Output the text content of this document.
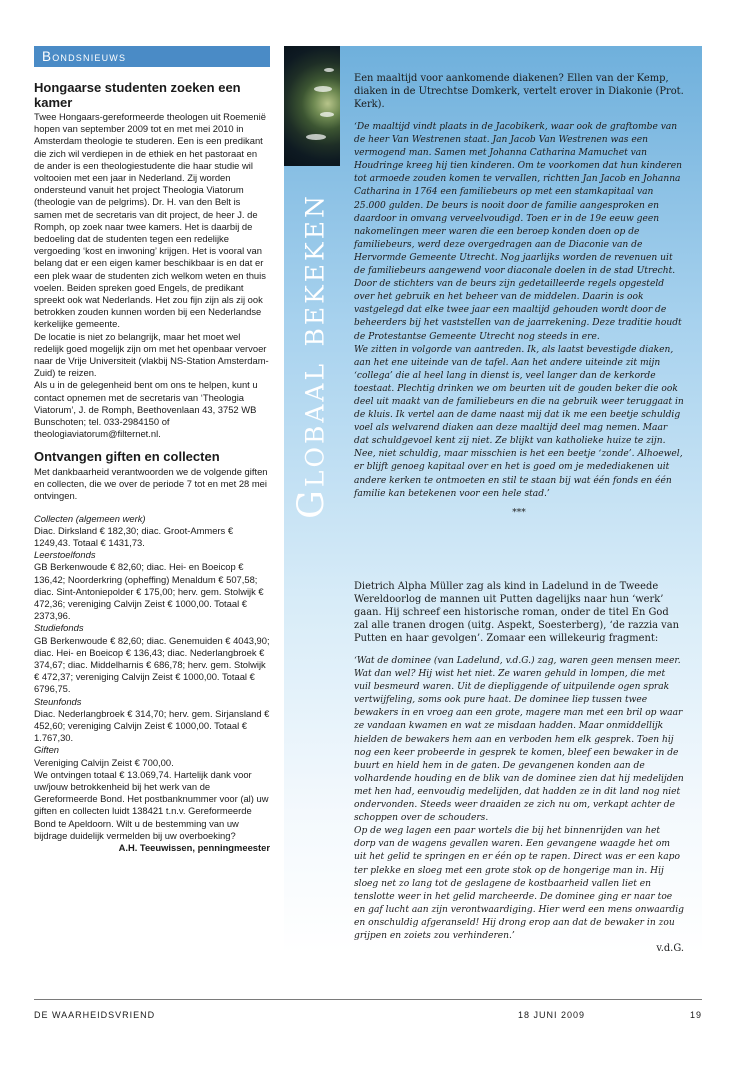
Bondsnieuws
Hongaarse studenten zoeken een kamer

Twee Hongaars-gereformeerde theologen uit Roemenië hopen van september 2009 tot en met mei 2010 in Amsterdam theologie te studeren. Een is een predikant die zich wil verdiepen in de ethiek en het pastoraat en de ander is een theologiestudente die haar studie wil voltooien met een jaar in Nederland. Zij worden ondersteund vanuit het project Theologia Viatorum (theologie van de pelgrims). Dr. H. van den Belt is samen met de secretaris van dit project, de heer J. de Romph, op zoek naar twee kamers. Het is daarbij de bedoeling dat de studenten tegen een redelijke vergoeding ‘kost en inwoning’ krijgen. Het is vooral van belang dat er een eigen kamer beschikbaar is en dat er een plek waar de studenten zich welkom weten en thuis voelen. Beiden spreken goed Engels, de predikant spreekt ook wat Nederlands. Het zou fijn zijn als zij ook betrokken zouden kunnen worden bij een Nederlandse kerkelijke gemeente.

De locatie is niet zo belangrijk, maar het moet wel redelijk goed mogelijk zijn om met het openbaar vervoer naar de Vrije Universiteit (vlakbij NS-Station Amsterdam-Zuid) te reizen.

Als u in de gelegenheid bent om ons te helpen, kunt u contact opnemen met de secretaris van ‘Theologia Viatorum’, J. de Romph, Beethovenlaan 43, 3752 WB Bunschoten; tel. 033-2984150 of theologiaviatorum@filternet.nl.

Ontvangen giften en collecten

Met dankbaarheid verantwoorden we de volgende giften en collecten, die we over de periode 7 tot en met 28 mei ontvingen.

Collecten (algemeen werk)

Diac. Dirksland € 182,30; diac. Groot-Ammers € 1249,43. Totaal € 1431,73.

Leerstoelfonds

GB Berkenwoude € 82,60; diac. Hei- en Boeicop € 136,42; Noorderkring (opheffing) Menaldum € 507,58; diac. Sint-Antoniepolder € 175,00; herv. gem. Stolwijk € 472,36; vereniging Calvijn Zeist € 1000,00. Totaal € 2373,96.

Studiefonds

GB Berkenwoude € 82,60; diac. Genemuiden € 4043,90; diac. Hei- en Boeicop € 136,43; diac. Nederlangbroek € 374,67; diac. Middelharnis € 686,78; herv. gem. Stolwijk € 472,37; vereniging Calvijn Zeist € 1000,00. Totaal € 6796,75.

Steunfonds

Diac. Nederlangbroek € 314,70; herv. gem. Sirjansland € 452,60; vereniging Calvijn Zeist € 1000,00. Totaal € 1.767,30.

Giften

Vereniging Calvijn Zeist € 700,00.

We ontvingen totaal € 13.069,74. Hartelijk dank voor uw/jouw betrokkenheid bij het werk van de Gereformeerde Bond. Het postbanknummer voor (al) uw giften en collecten luidt 138421 t.n.v. Gereformeerde Bond te Apeldoorn. Wilt u de bestemming van uw bijdrage duidelijk vermelden bij uw overboeking?

A.H. Teeuwissen, penningmeester

Globaal bekeken

Een maaltijd voor aankomende diakenen? Ellen van der Kemp, diaken in de Utrechtse Domkerk, vertelt erover in Diakonie (Prot. Kerk).

‘De maaltijd vindt plaats in de Jacobikerk, waar ook de graftombe van de heer Van Westrenen staat. Jan Jacob Van Westrenen was een vermogend man. Samen met Johanna Catharina Mamuchet van Houdringe kreeg hij tien kinderen. Om te voorkomen dat hun kinderen tot armoede zouden komen te vervallen, richtten Jan Jacob en Johanna Catharina in 1764 een familiebeurs op met een stamkapitaal van 25.000 gulden. De beurs is nooit door de familie aangesproken en daardoor in omvang verveelvoudigd. Toen er in de 19e eeuw geen nakomelingen meer waren die een beroep konden doen op de familiebeurs, werd deze overgedragen aan de Diaconie van de Hervormde Gemeente Utrecht. Nog jaarlijks worden de revenuen uit de familiebeurs aangewend voor diaconale doelen in de stad Utrecht. Door de stichters van de beurs zijn gedetailleerde regels opgesteld over het gebruik en het beheer van de middelen. Daarin is ook vastgelegd dat elke twee jaar een maaltijd gehouden wordt door de beheerders bij het vaststellen van de jaarrekening. Deze traditie houdt de Protestantse Gemeente Utrecht nog steeds in ere.

We zitten in volgorde van aantreden. Ik, als laatst bevestigde diaken, aan het ene uiteinde van de tafel. Aan het andere uiteinde zit mijn ‘collega’ die al heel lang in dienst is, veel langer dan de kerkorde toestaat. Plechtig drinken we om beurten uit de gouden beker die ook deel uit maakt van de familiebeurs en die na gebruik weer teruggaat in de kluis. Ik vertel aan de dame naast mij dat ik me een beetje schuldig voel als welvarend diaken aan deze maaltijd deel mag nemen. Maar dat schuldgevoel kent zij niet. Ze blijkt van katholieke huize te zijn. Nee, niet schuldig, maar misschien is het een beetje ‘zonde’. Alhoewel, er blijft genoeg kapitaal over en het is goed om je medediakenen uit andere kerken te ontmoeten en stil te staan bij wat één fonds en één familie kan betekenen voor een hele stad.’

***

Dietrich Alpha Müller zag als kind in Ladelund in de Tweede Wereldoorlog de mannen uit Putten dagelijks naar hun ‘werk’ gaan. Hij schreef een historische roman, onder de titel En God zal alle tranen drogen (uitg. Aspekt, Soesterberg), ‘de razzia van Putten en haar gevolgen’. Zomaar een willekeurig fragment:

‘Wat de dominee (van Ladelund, v.d.G.) zag, waren geen mensen meer. Wat dan wel? Hij wist het niet. Ze waren gehuld in lompen, die met vuil besmeurd waren. Uit de diepliggende of uitpuilende ogen sprak vertwijfeling, soms ook pure haat. De dominee liep tussen twee bewakers in en vroeg aan een grote, magere man met een bril op waar ze vandaan kwamen en wat ze misdaan hadden. Maar onmiddellijk hielden de bewakers hem aan en verboden hem elk gesprek. Toen hij nog een keer probeerde in gesprek te komen, bleef een bewaker in de buurt en hield hem in de gaten. De gevangenen konden aan de volhardende houding en de blik van de dominee zien dat hij medelijden met hen had, eenvoudig medelijden, dat hadden ze in dit land nog niet ondervonden. Steeds weer draaiden ze zich nu om, verkapt achter de schoppen over de schouders.

Op de weg lagen een paar wortels die bij het binnenrijden van het dorp van de wagens gevallen waren. Een gevangene waagde het om uit het gelid te springen en er één op te rapen. Direct was er een kapo ter plekke en sloeg met een grote stok op de hongerige man in. Hij sloeg net zo lang tot de geslagene de kostbaarheid vallen liet en tenslotte weer in het gelid marcheerde. De dominee ging er naar toe en gaf lucht aan zijn verontwaardiging. Hier werd een mens onwaardig en onschuldig afgeranseld! Hij drong erop aan dat de bewaker in zou grijpen en zoiets zou verhinderen.’

v.d.G.

DE WAARHEIDSVRIEND	18 JUNI 2009	19
